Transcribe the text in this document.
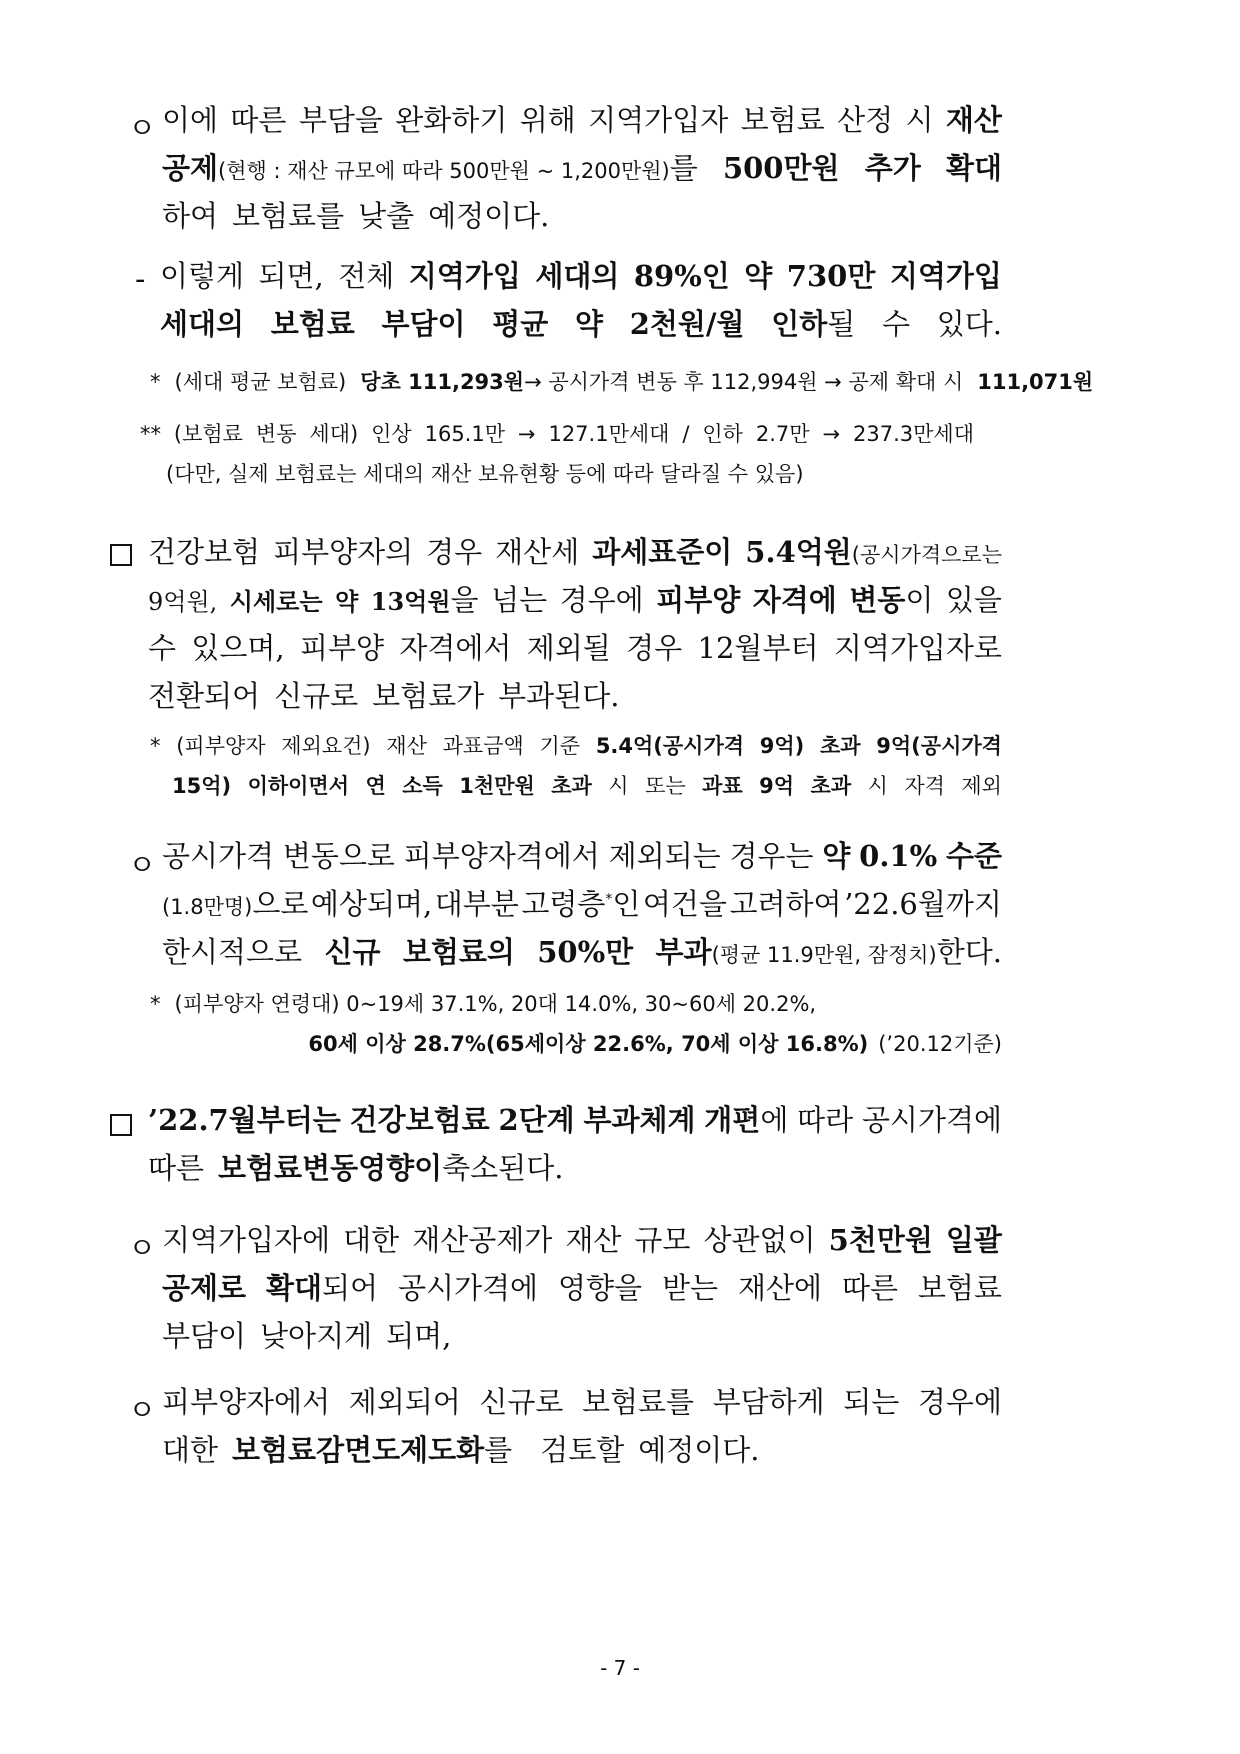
ㅇ 이에 따른 부담을 완화하기 위해 지역가입자 보험료 산정 시 재산
공제(현행 : 재산 규모에 따라 500만원 ~ 1,200만원)를 500만원 추가 확대
하여 보험료를 낮출 예정이다.
- 이렇게 되면, 전체 지역가입 세대의 89%인 약 730만 지역가입
세대의 보험료 부담이 평균 약 2천원/월 인하될 수 있다.
* (세대 평균 보험료) 당초 111,293원 → 공시가격 변동 후 112,994원 → 공제 확대 시 111,071원
** (보험료 변동 세대) 인상 165.1만 → 127.1만세대 / 인하 2.7만 → 237.3만세대
(다만, 실제 보험료는 세대의 재산 보유현황 등에 따라 달라질 수 있음)
건강보험 피부양자의 경우 재산세 과세표준이 5.4억원(공시가격으로는
9억원, 시세로는 약 13억원을 넘는 경우에 피부양 자격에 변동이 있을
수 있으며, 피부양 자격에서 제외될 경우 12월부터 지역가입자로
전환되어 신규로 보험료가 부과된다.
* (피부양자 제외요건) 재산 과표금액 기준 5.4억(공시가격 9억) 초과 9억(공시가격
15억) 이하이면서 연 소득 1천만원 초과 시 또는 과표 9억 초과 시 자격 제외
ㅇ 공시가격 변동으로 피부양자격에서 제외되는 경우는 약 0.1% 수준
(1.8만명)으로 예상되며, 대부분 고령층*인 여건을 고려하여 ’22.6월까지
한시적으로 신규 보험료의 50%만 부과(평균 11.9만원, 잠정치)한다.
* (피부양자 연령대) 0~19세 37.1%, 20대 14.0%, 30~60세 20.2%,
60세 이상 28.7%(65세이상 22.6%, 70세 이상 16.8%) (’20.12기준)
’22.7월부터는 건강보험료 2단계 부과체계 개편에 따라 공시가격에
따른 보험료 변동영향이 축소된다.
ㅇ 지역가입자에 대한 재산공제가 재산 규모 상관없이 5천만원 일괄
공제로 확대되어 공시가격에 영향을 받는 재산에 따른 보험료
부담이 낮아지게 되며,
ㅇ 피부양자에서 제외되어 신규로 보험료를 부담하게 되는 경우에
대한 보험료 감면도 제도화를 검토할 예정이다.
- 7 -
